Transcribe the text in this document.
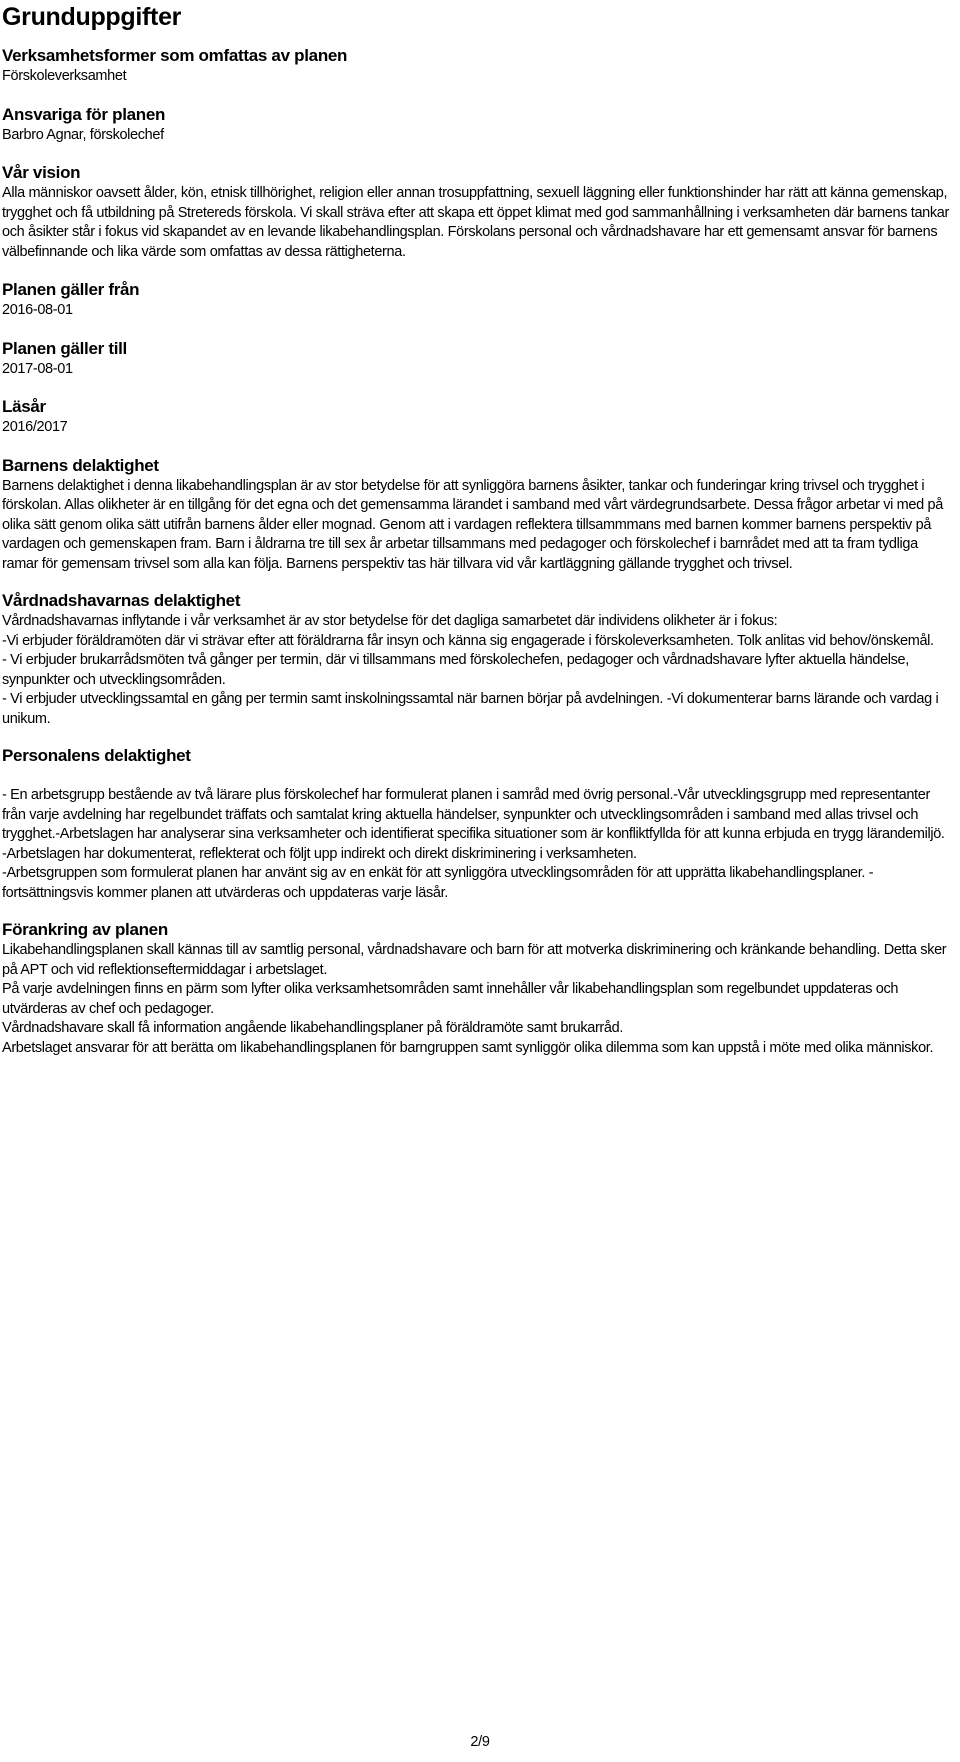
Grunduppgifter
Verksamhetsformer som omfattas av planen

Förskoleverksamhet

Ansvariga för planen

Barbro Agnar, förskolechef

Vår vision

Alla människor oavsett ålder, kön, etnisk tillhörighet, religion eller annan trosuppfattning, sexuell läggning eller funktionshinder har rätt att känna gemenskap, trygghet och få utbildning på Stretereds förskola. Vi skall sträva efter att skapa ett öppet klimat med god sammanhållning i verksamheten där barnens tankar och åsikter står i fokus vid skapandet av en levande likabehandlingsplan. Förskolans personal och vårdnadshavare har ett gemensamt ansvar för barnens välbefinnande och lika värde som omfattas av dessa rättigheterna.

Planen gäller från

2016-08-01

Planen gäller till

2017-08-01

Läsår

2016/2017

Barnens delaktighet

Barnens delaktighet i denna likabehandlingsplan är av stor betydelse för att synliggöra barnens åsikter, tankar och funderingar kring trivsel och trygghet i förskolan. Allas olikheter är en tillgång för det egna och det gemensamma lärandet i samband med vårt värdegrundsarbete. Dessa frågor arbetar vi med på olika sätt genom olika sätt utifrån barnens ålder eller mognad. Genom att i vardagen reflektera tillsammmans med barnen kommer barnens perspektiv på vardagen och gemenskapen fram. Barn i åldrarna tre till sex år arbetar tillsammans med pedagoger och förskolechef i barnrådet med att ta fram tydliga ramar för gemensam trivsel som alla kan följa. Barnens perspektiv tas här tillvara vid vår kartläggning gällande trygghet och trivsel.

Vårdnadshavarnas delaktighet

Vårdnadshavarnas inflytande i vår verksamhet är av stor betydelse för det dagliga samarbetet där individens olikheter är i fokus:

-Vi erbjuder föräldramöten där vi strävar efter att föräldrarna får insyn och känna sig engagerade i förskoleverksamheten. Tolk anlitas vid behov/önskemål.

- Vi erbjuder brukarrådsmöten två gånger per termin, där vi tillsammans med förskolechefen, pedagoger och vårdnadshavare lyfter aktuella händelse, synpunkter och utvecklingsområden.

- Vi erbjuder utvecklingssamtal en gång per termin samt inskolningssamtal när barnen börjar på avdelningen. -Vi dokumenterar barns lärande och vardag i unikum.

Personalens delaktighet

- En arbetsgrupp bestående av två lärare plus förskolechef har formulerat planen i samråd med övrig personal.-Vår utvecklingsgrupp med representanter från varje avdelning har regelbundet träffats och samtalat kring aktuella händelser, synpunkter och utvecklingsområden i samband med allas trivsel och trygghet.-Arbetslagen har analyserar sina verksamheter och identifierat specifika situationer som är konfliktfyllda för att kunna erbjuda en trygg lärandemiljö.

-Arbetslagen har dokumenterat, reflekterat och följt upp indirekt och direkt diskriminering i verksamheten.

-Arbetsgruppen som formulerat planen har använt sig av en enkät för att synliggöra utvecklingsområden för att upprätta likabehandlingsplaner. - fortsättningsvis kommer planen att utvärderas och uppdateras varje läsår.

Förankring av planen

Likabehandlingsplanen skall kännas till av samtlig personal, vårdnadshavare och barn för att motverka diskriminering och kränkande behandling. Detta sker på APT och vid reflektionseftermiddagar i arbetslaget.

På varje avdelningen finns en pärm som lyfter olika verksamhetsområden samt innehåller vår likabehandlingsplan som regelbundet uppdateras och utvärderas av chef och pedagoger.

Vårdnadshavare skall få information angående likabehandlingsplaner på föräldramöte samt brukarråd.

Arbetslaget ansvarar för att berätta om likabehandlingsplanen för barngruppen samt synliggör olika dilemma som kan uppstå i möte med olika människor.

2/9
